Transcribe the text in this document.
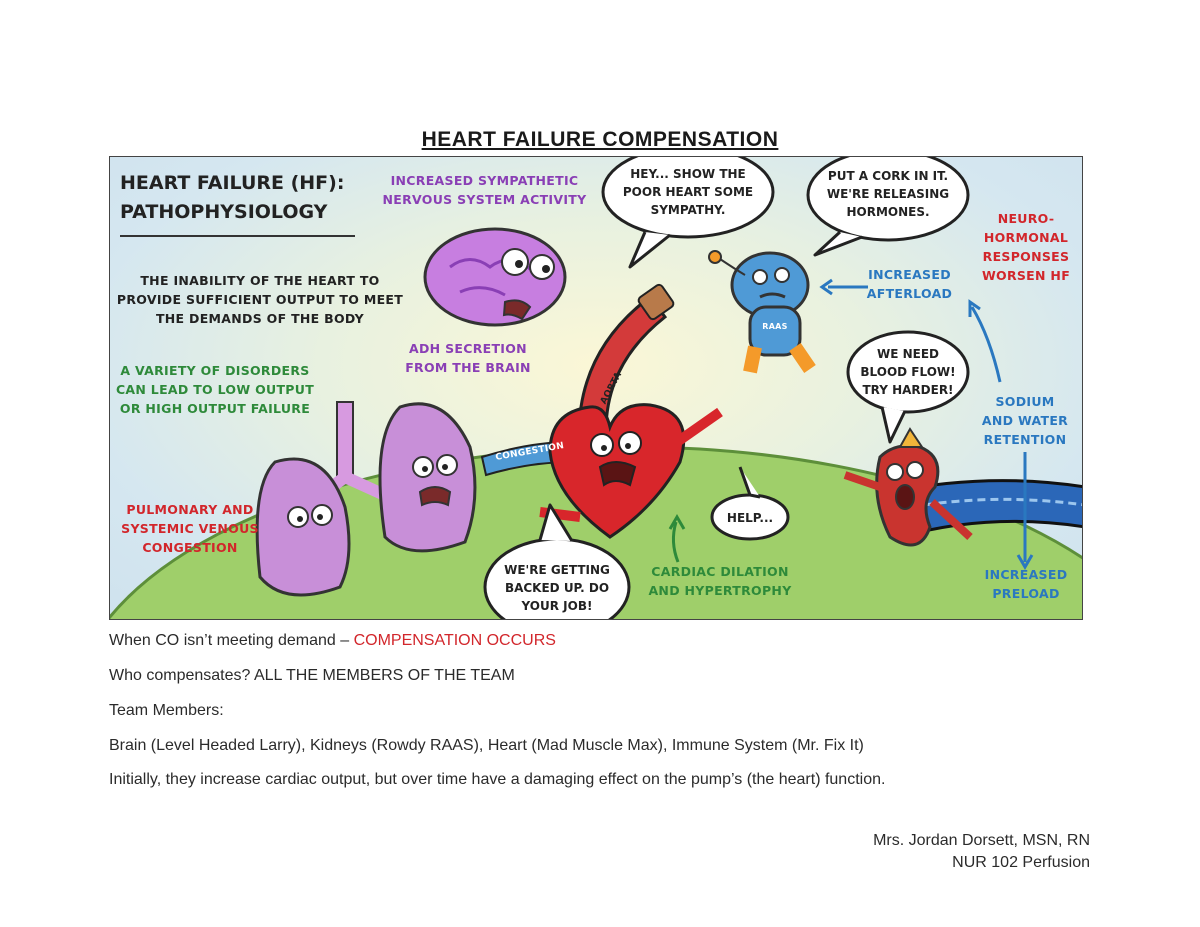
HEART FAILURE COMPENSATION
HEART FAILURE (HF): PATHOPHYSIOLOGY
THE INABILITY OF THE HEART TO PROVIDE SUFFICIENT OUTPUT TO MEET THE DEMANDS OF THE BODY
A VARIETY OF DISORDERS CAN LEAD TO LOW OUTPUT OR HIGH OUTPUT FAILURE
PULMONARY AND SYSTEMIC VENOUS CONGESTION
INCREASED SYMPATHETIC NERVOUS SYSTEM ACTIVITY
ADH SECRETION FROM THE BRAIN
NEURO- HORMONAL RESPONSES WORSEN HF
INCREASED AFTERLOAD
SODIUM AND WATER RETENTION
INCREASED PRELOAD
CARDIAC DILATION AND HYPERTROPHY
AORTA
CONGESTION
RAAS
HEY... SHOW THE POOR HEART SOME SYMPATHY.
PUT A CORK IN IT. WE'RE RELEASING HORMONES.
WE NEED BLOOD FLOW! TRY HARDER!
HELP...
WE'RE GETTING BACKED UP. DO YOUR JOB!
When CO isn’t meeting demand – COMPENSATION OCCURS
Who compensates? ALL THE MEMBERS OF THE TEAM
Team Members:
Brain (Level Headed Larry), Kidneys (Rowdy RAAS), Heart (Mad Muscle Max), Immune System (Mr. Fix It)
Initially, they increase cardiac output, but over time have a damaging effect on the pump’s (the heart) function.
Mrs. Jordan Dorsett, MSN, RN
NUR 102 Perfusion
